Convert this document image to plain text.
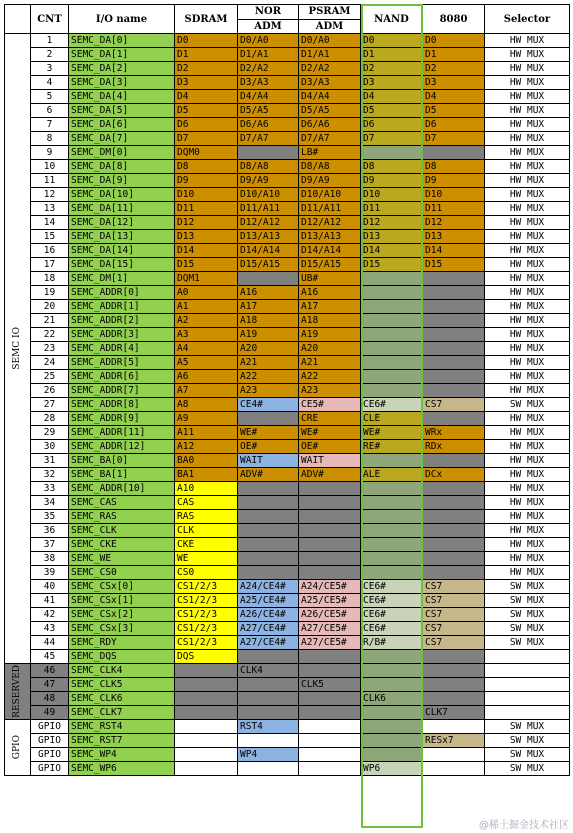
	CNT	I/O name	SDRAM	NOR	PSRAM	NAND	8080	Selector
				ADM	ADM			

SEMC IO	1	SEMC_DA[0]	D0	D0/A0	D0/A0	D0	D0	HW MUX
	2	SEMC_DA[1]	D1	D1/A1	D1/A1	D1	D1	HW MUX
	3	SEMC_DA[2]	D2	D2/A2	D2/A2	D2	D2	HW MUX
	4	SEMC_DA[3]	D3	D3/A3	D3/A3	D3	D3	HW MUX
	5	SEMC_DA[4]	D4	D4/A4	D4/A4	D4	D4	HW MUX
	6	SEMC_DA[5]	D5	D5/A5	D5/A5	D5	D5	HW MUX
	7	SEMC_DA[6]	D6	D6/A6	D6/A6	D6	D6	HW MUX
	8	SEMC_DA[7]	D7	D7/A7	D7/A7	D7	D7	HW MUX
	9	SEMC_DM[0]	DQM0		LB#			HW MUX
	10	SEMC_DA[8]	D8	D8/A8	D8/A8	D8	D8	HW MUX
	11	SEMC_DA[9]	D9	D9/A9	D9/A9	D9	D9	HW MUX
	12	SEMC_DA[10]	D10	D10/A10	D10/A10	D10	D10	HW MUX
	13	SEMC_DA[11]	D11	D11/A11	D11/A11	D11	D11	HW MUX
	14	SEMC_DA[12]	D12	D12/A12	D12/A12	D12	D12	HW MUX
	15	SEMC_DA[13]	D13	D13/A13	D13/A13	D13	D13	HW MUX
	16	SEMC_DA[14]	D14	D14/A14	D14/A14	D14	D14	HW MUX
	17	SEMC_DA[15]	D15	D15/A15	D15/A15	D15	D15	HW MUX
	18	SEMC_DM[1]	DQM1		UB#			HW MUX
	19	SEMC_ADDR[0]	A0	A16	A16			HW MUX
	20	SEMC_ADDR[1]	A1	A17	A17			HW MUX
	21	SEMC_ADDR[2]	A2	A18	A18			HW MUX
	22	SEMC_ADDR[3]	A3	A19	A19			HW MUX
	23	SEMC_ADDR[4]	A4	A20	A20			HW MUX
	24	SEMC_ADDR[5]	A5	A21	A21			HW MUX
	25	SEMC_ADDR[6]	A6	A22	A22			HW MUX
	26	SEMC_ADDR[7]	A7	A23	A23			HW MUX
	27	SEMC_ADDR[8]	A8	CE4#	CE5#	CE6#	CS7	SW MUX
	28	SEMC_ADDR[9]	A9		CRE	CLE		HW MUX
	29	SEMC_ADDR[11]	A11	WE#	WE#	WE#	WRx	HW MUX
	30	SEMC_ADDR[12]	A12	OE#	OE#	RE#	RDx	HW MUX
	31	SEMC_BA[0]	BA0	WAIT	WAIT			HW MUX
	32	SEMC_BA[1]	BA1	ADV#	ADV#	ALE	DCx	HW MUX
	33	SEMC_ADDR[10]	A10					HW MUX
	34	SEMC_CAS	CAS					HW MUX
	35	SEMC_RAS	RAS					HW MUX
	36	SEMC_CLK	CLK					HW MUX
	37	SEMC_CKE	CKE					HW MUX
	38	SEMC_WE	WE					HW MUX
	39	SEMC_CS0	CS0					HW MUX
	40	SEMC_CSx[0]	CS1/2/3	A24/CE4#	A24/CE5#	CE6#	CS7	SW MUX
	41	SEMC_CSx[1]	CS1/2/3	A25/CE4#	A25/CE5#	CE6#	CS7	SW MUX
	42	SEMC_CSx[2]	CS1/2/3	A26/CE4#	A26/CE5#	CE6#	CS7	SW MUX
	43	SEMC_CSx[3]	CS1/2/3	A27/CE4#	A27/CE5#	CE6#	CS7	SW MUX
	44	SEMC_RDY	CS1/2/3	A27/CE4#	A27/CE5#	R/B#	CS7	SW MUX
	45	SEMC_DQS	DQS					

RESERVED	46	SEMC_CLK4		CLK4				
	47	SEMC_CLK5			CLK5			
	48	SEMC_CLK6				CLK6		
	49	SEMC_CLK7					CLK7	

GPIO	GPIO	SEMC_RST4		RST4				SW MUX
	GPIO	SEMC_RST7					RESx7	SW MUX
	GPIO	SEMC_WP4		WP4				SW MUX
	GPIO	SEMC_WP6				WP6		SW MUX
@稀土掘金技术社区
